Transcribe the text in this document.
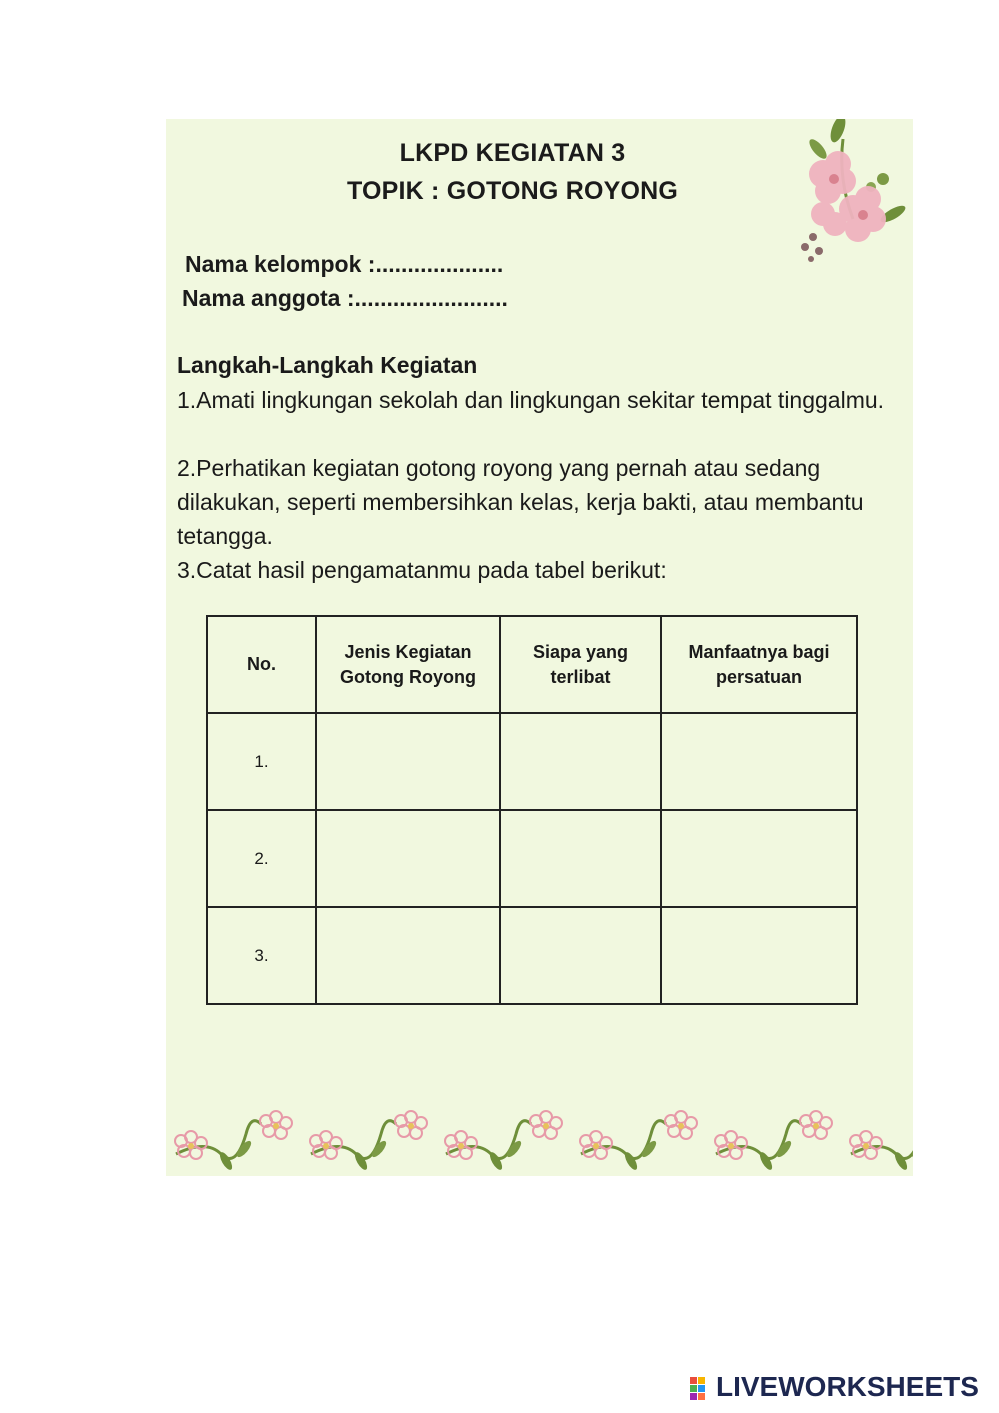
LKPD KEGIATAN 3
TOPIK : GOTONG ROYONG
Nama kelompok :....................
Nama anggota :........................
Langkah-Langkah Kegiatan
1.Amati lingkungan sekolah dan lingkungan sekitar tempat tinggalmu.
2.Perhatikan kegiatan gotong royong yang pernah atau sedang dilakukan, seperti membersihkan kelas, kerja bakti, atau membantu tetangga.
3.Catat hasil pengamatanmu pada tabel berikut:
No.	Jenis Kegiatan Gotong Royong	Siapa yang terlibat	Manfaatnya bagi persatuan

1.			
2.			
3.			
LIVEWORKSHEETS
